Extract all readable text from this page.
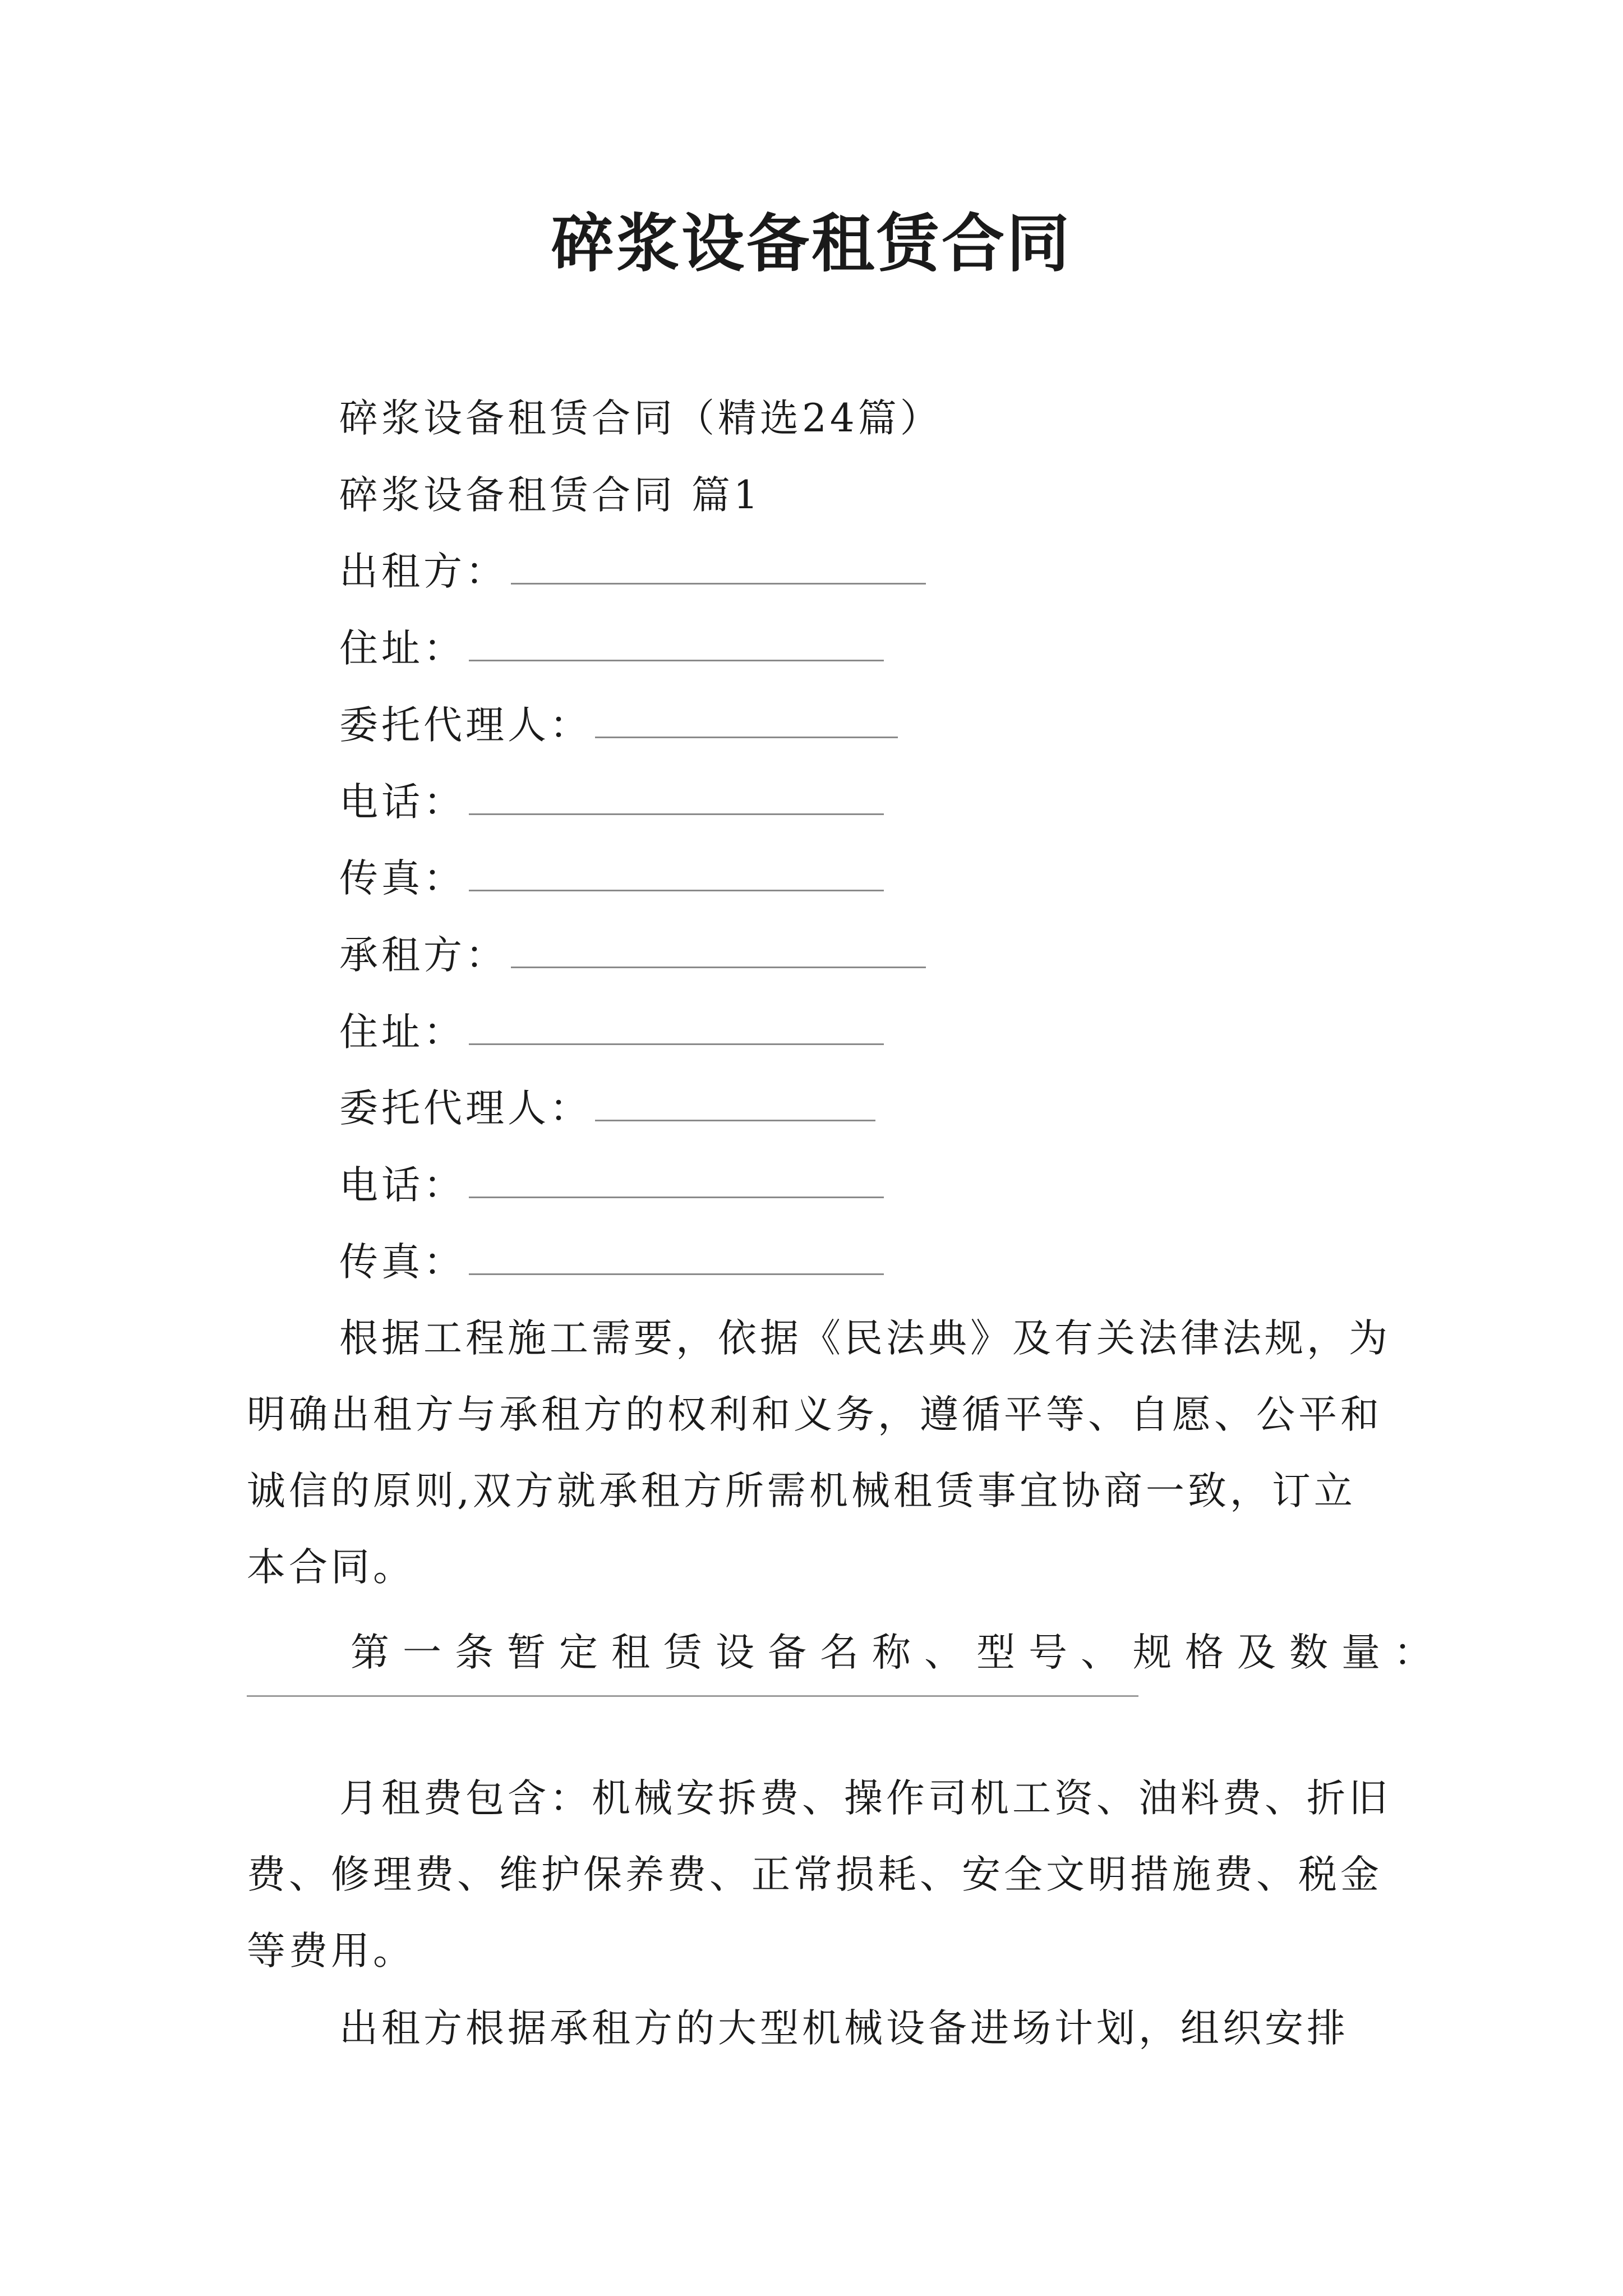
碎浆设备租赁合同
碎浆设备租赁合同（精选24篇）
碎浆设备租赁合同 篇1
出租方：
住址：
委托代理人：
电话：
传真：
承租方：
住址：
委托代理人：
电话：
传真：

根据工程施工需要，依据《民法典》及有关法律法规，为明确出租方与承租方的权利和义务，遵循平等、自愿、公平和诚信的原则,双方就承租方所需机械租赁事宜协商一致，订立本合同。

第一条暂定租赁设备名称、型号、规格及数量：

月租费包含：机械安拆费、操作司机工资、油料费、折旧费、修理费、维护保养费、正常损耗、安全文明措施费、税金等费用。

出租方根据承租方的大型机械设备进场计划，组织安排
